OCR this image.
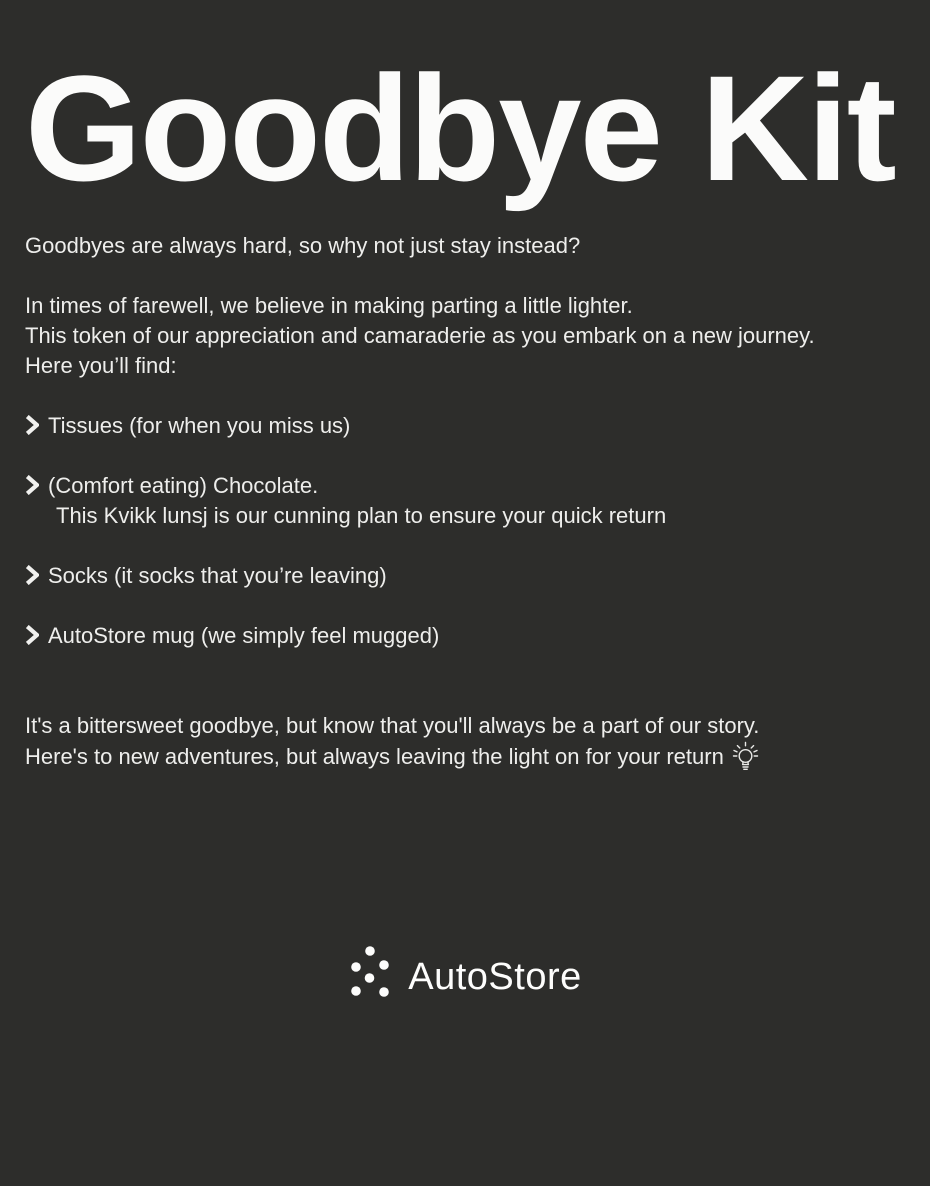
Goodbye Kit

Goodbyes are always hard, so why not just stay instead?

In times of farewell, we believe in making parting a little lighter.
This token of our appreciation and camaraderie as you embark on a new journey.
Here you’ll find:

Tissues (for when you miss us)
(Comfort eating) Chocolate.
This Kvikk lunsj is our cunning plan to ensure your quick return
Socks (it socks that you’re leaving)
AutoStore mug (we simply feel mugged)

It's a bittersweet goodbye, but know that you'll always be a part of our story.
Here's to new adventures, but always leaving the light on for your return

AutoStore
